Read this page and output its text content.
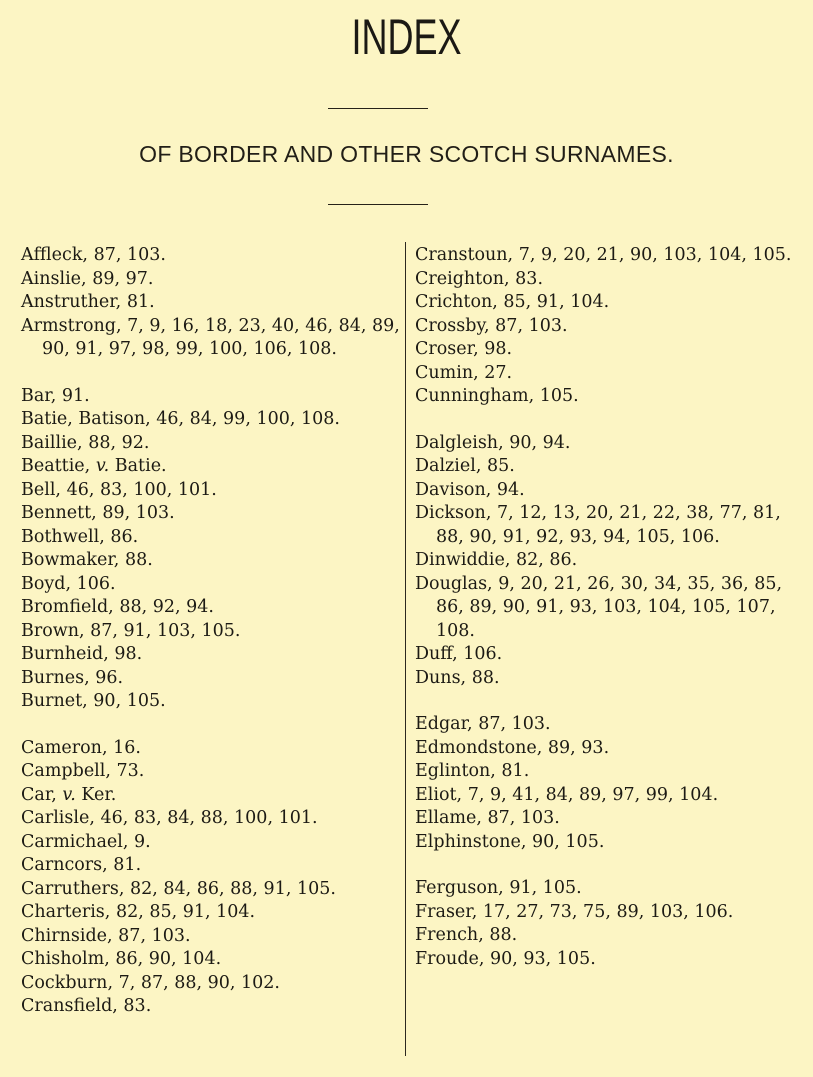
INDEX
OF BORDER AND OTHER SCOTCH SURNAMES.
Affleck, 87, 103.
Ainslie, 89, 97.
Anstruther, 81.
Armstrong, 7, 9, 16, 18, 23, 40, 46, 84, 89, 90, 91, 97, 98, 99, 100, 106, 108.
Bar, 91.
Batie, Batison, 46, 84, 99, 100, 108.
Baillie, 88, 92.
Beattie, v. Batie.
Bell, 46, 83, 100, 101.
Bennett, 89, 103.
Bothwell, 86.
Bowmaker, 88.
Boyd, 106.
Bromfield, 88, 92, 94.
Brown, 87, 91, 103, 105.
Burnheid, 98.
Burnes, 96.
Burnet, 90, 105.
Cameron, 16.
Campbell, 73.
Car, v. Ker.
Carlisle, 46, 83, 84, 88, 100, 101.
Carmichael, 9.
Carncors, 81.
Carruthers, 82, 84, 86, 88, 91, 105.
Charteris, 82, 85, 91, 104.
Chirnside, 87, 103.
Chisholm, 86, 90, 104.
Cockburn, 7, 87, 88, 90, 102.
Cransfield, 83.
Cranstoun, 7, 9, 20, 21, 90, 103, 104, 105.
Creighton, 83.
Crichton, 85, 91, 104.
Crossby, 87, 103.
Croser, 98.
Cumin, 27.
Cunningham, 105.
Dalgleish, 90, 94.
Dalziel, 85.
Davison, 94.
Dickson, 7, 12, 13, 20, 21, 22, 38, 77, 81, 88, 90, 91, 92, 93, 94, 105, 106.
Dinwiddie, 82, 86.
Douglas, 9, 20, 21, 26, 30, 34, 35, 36, 85, 86, 89, 90, 91, 93, 103, 104, 105, 107, 108.
Duff, 106.
Duns, 88.
Edgar, 87, 103.
Edmondstone, 89, 93.
Eglinton, 81.
Eliot, 7, 9, 41, 84, 89, 97, 99, 104.
Ellame, 87, 103.
Elphinstone, 90, 105.
Ferguson, 91, 105.
Fraser, 17, 27, 73, 75, 89, 103, 106.
French, 88.
Froude, 90, 93, 105.
